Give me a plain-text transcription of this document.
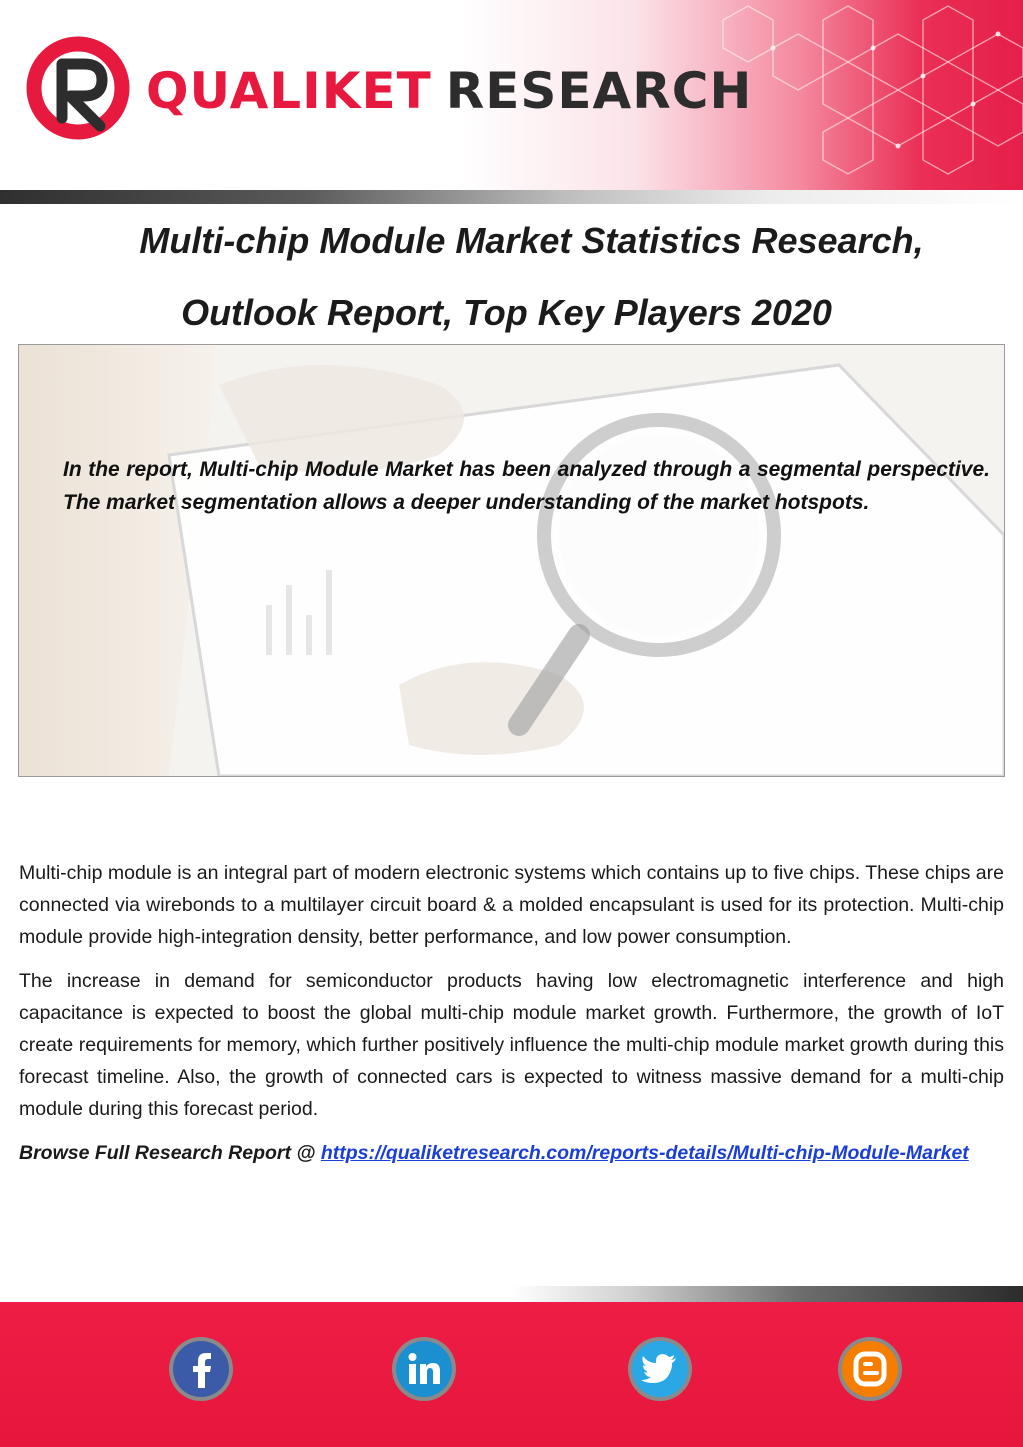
QUALIKET RESEARCH
Multi-chip Module Market Statistics Research,
Outlook Report, Top Key Players 2020

In the report, Multi-chip Module Market has been analyzed through a segmental perspective. The market segmentation allows a deeper understanding of the market hotspots.

Multi-chip module is an integral part of modern electronic systems which contains up to five chips. These chips are connected via wirebonds to a multilayer circuit board & a molded encapsulant is used for its protection. Multi-chip module provide high-integration density, better performance, and low power consumption.

The increase in demand for semiconductor products having low electromagnetic interference and high capacitance is expected to boost the global multi-chip module market growth. Furthermore, the growth of IoT create requirements for memory, which further positively influence the multi-chip module market growth during this forecast timeline. Also, the growth of connected cars is expected to witness massive demand for a multi-chip module during this forecast period.

Browse Full Research Report @ https://qualiketresearch.com/reports-details/Multi-chip-Module-Market
